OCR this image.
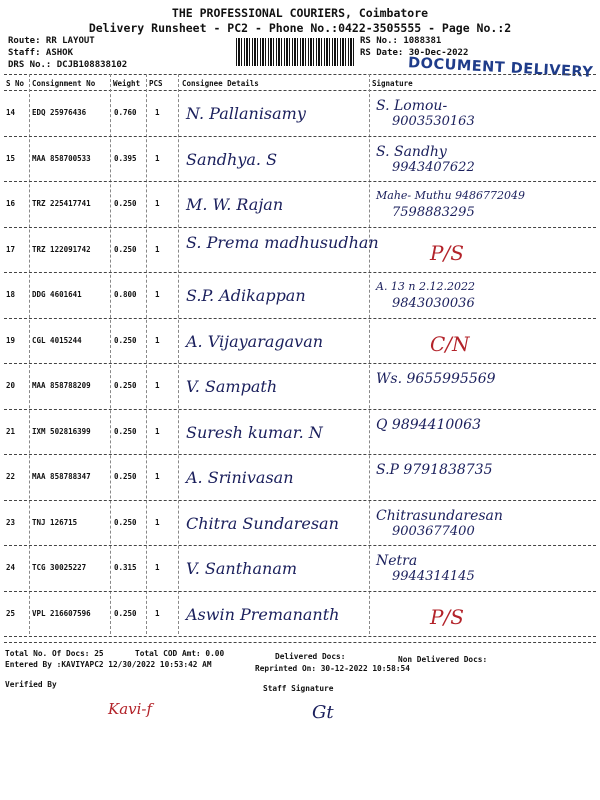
THE PROFESSIONAL COURIERS, Coimbatore
Delivery Runsheet - PC2 - Phone No.:0422-3505555 - Page No.:2
Route: RR LAYOUT
Staff: ASHOK
DRS No.: DCJB108838102
RS No.: 1088381
RS Date: 30-Dec-2022
DOCUMENT DELIVERY
S No Consignment No Weight PCS	Consignee Details	Signature
14 EDQ 25976436	0.760 1 N. Pallanisamy	S. Lomou-
9003530163
15 MAA 858700533	0.395 1 Sandhya. S	S. Sandhy
9943407622
16 TRZ 225417741	0.250 1 M. W. Rajan	Mahe- Muthu 9486772049
7598883295
17 TRZ 122091742	0.250 1 S. Prema madhusudhan	P/S
18 DDG 4601641	0.800 1 S.P. Adikappan	A. 13 n 2.12.2022
9843030036
19 CGL 4015244	0.250 1 A. Vijayaragavan	C/N
20 MAA 858788209	0.250 1 V. Sampath	Ws. 9655995569
21 IXM 502816399	0.250 1 Suresh kumar. N	Q 9894410063
22 MAA 858788347	0.250 1 A. Srinivasan	S.P 9791838735
23 TNJ 126715	0.250 1 Chitra Sundaresan	Chitrasundaresan
9003677400
24 TCG 30025227	0.315 1 V. Santhanam	Netra
9944314145
25 VPL 216607596	0.250 1 Aswin Premananth	P/S
Total No. Of Docs: 25	Total COD Amt: 0.00	Delivered Docs:	Non Delivered Docs:
Entered By :KAVIYAPC2 12/30/2022 10:53:42 AM	Reprinted On: 30-12-2022 10:58:54
Verified By	Staff Signature
Kavi-f	Gt
